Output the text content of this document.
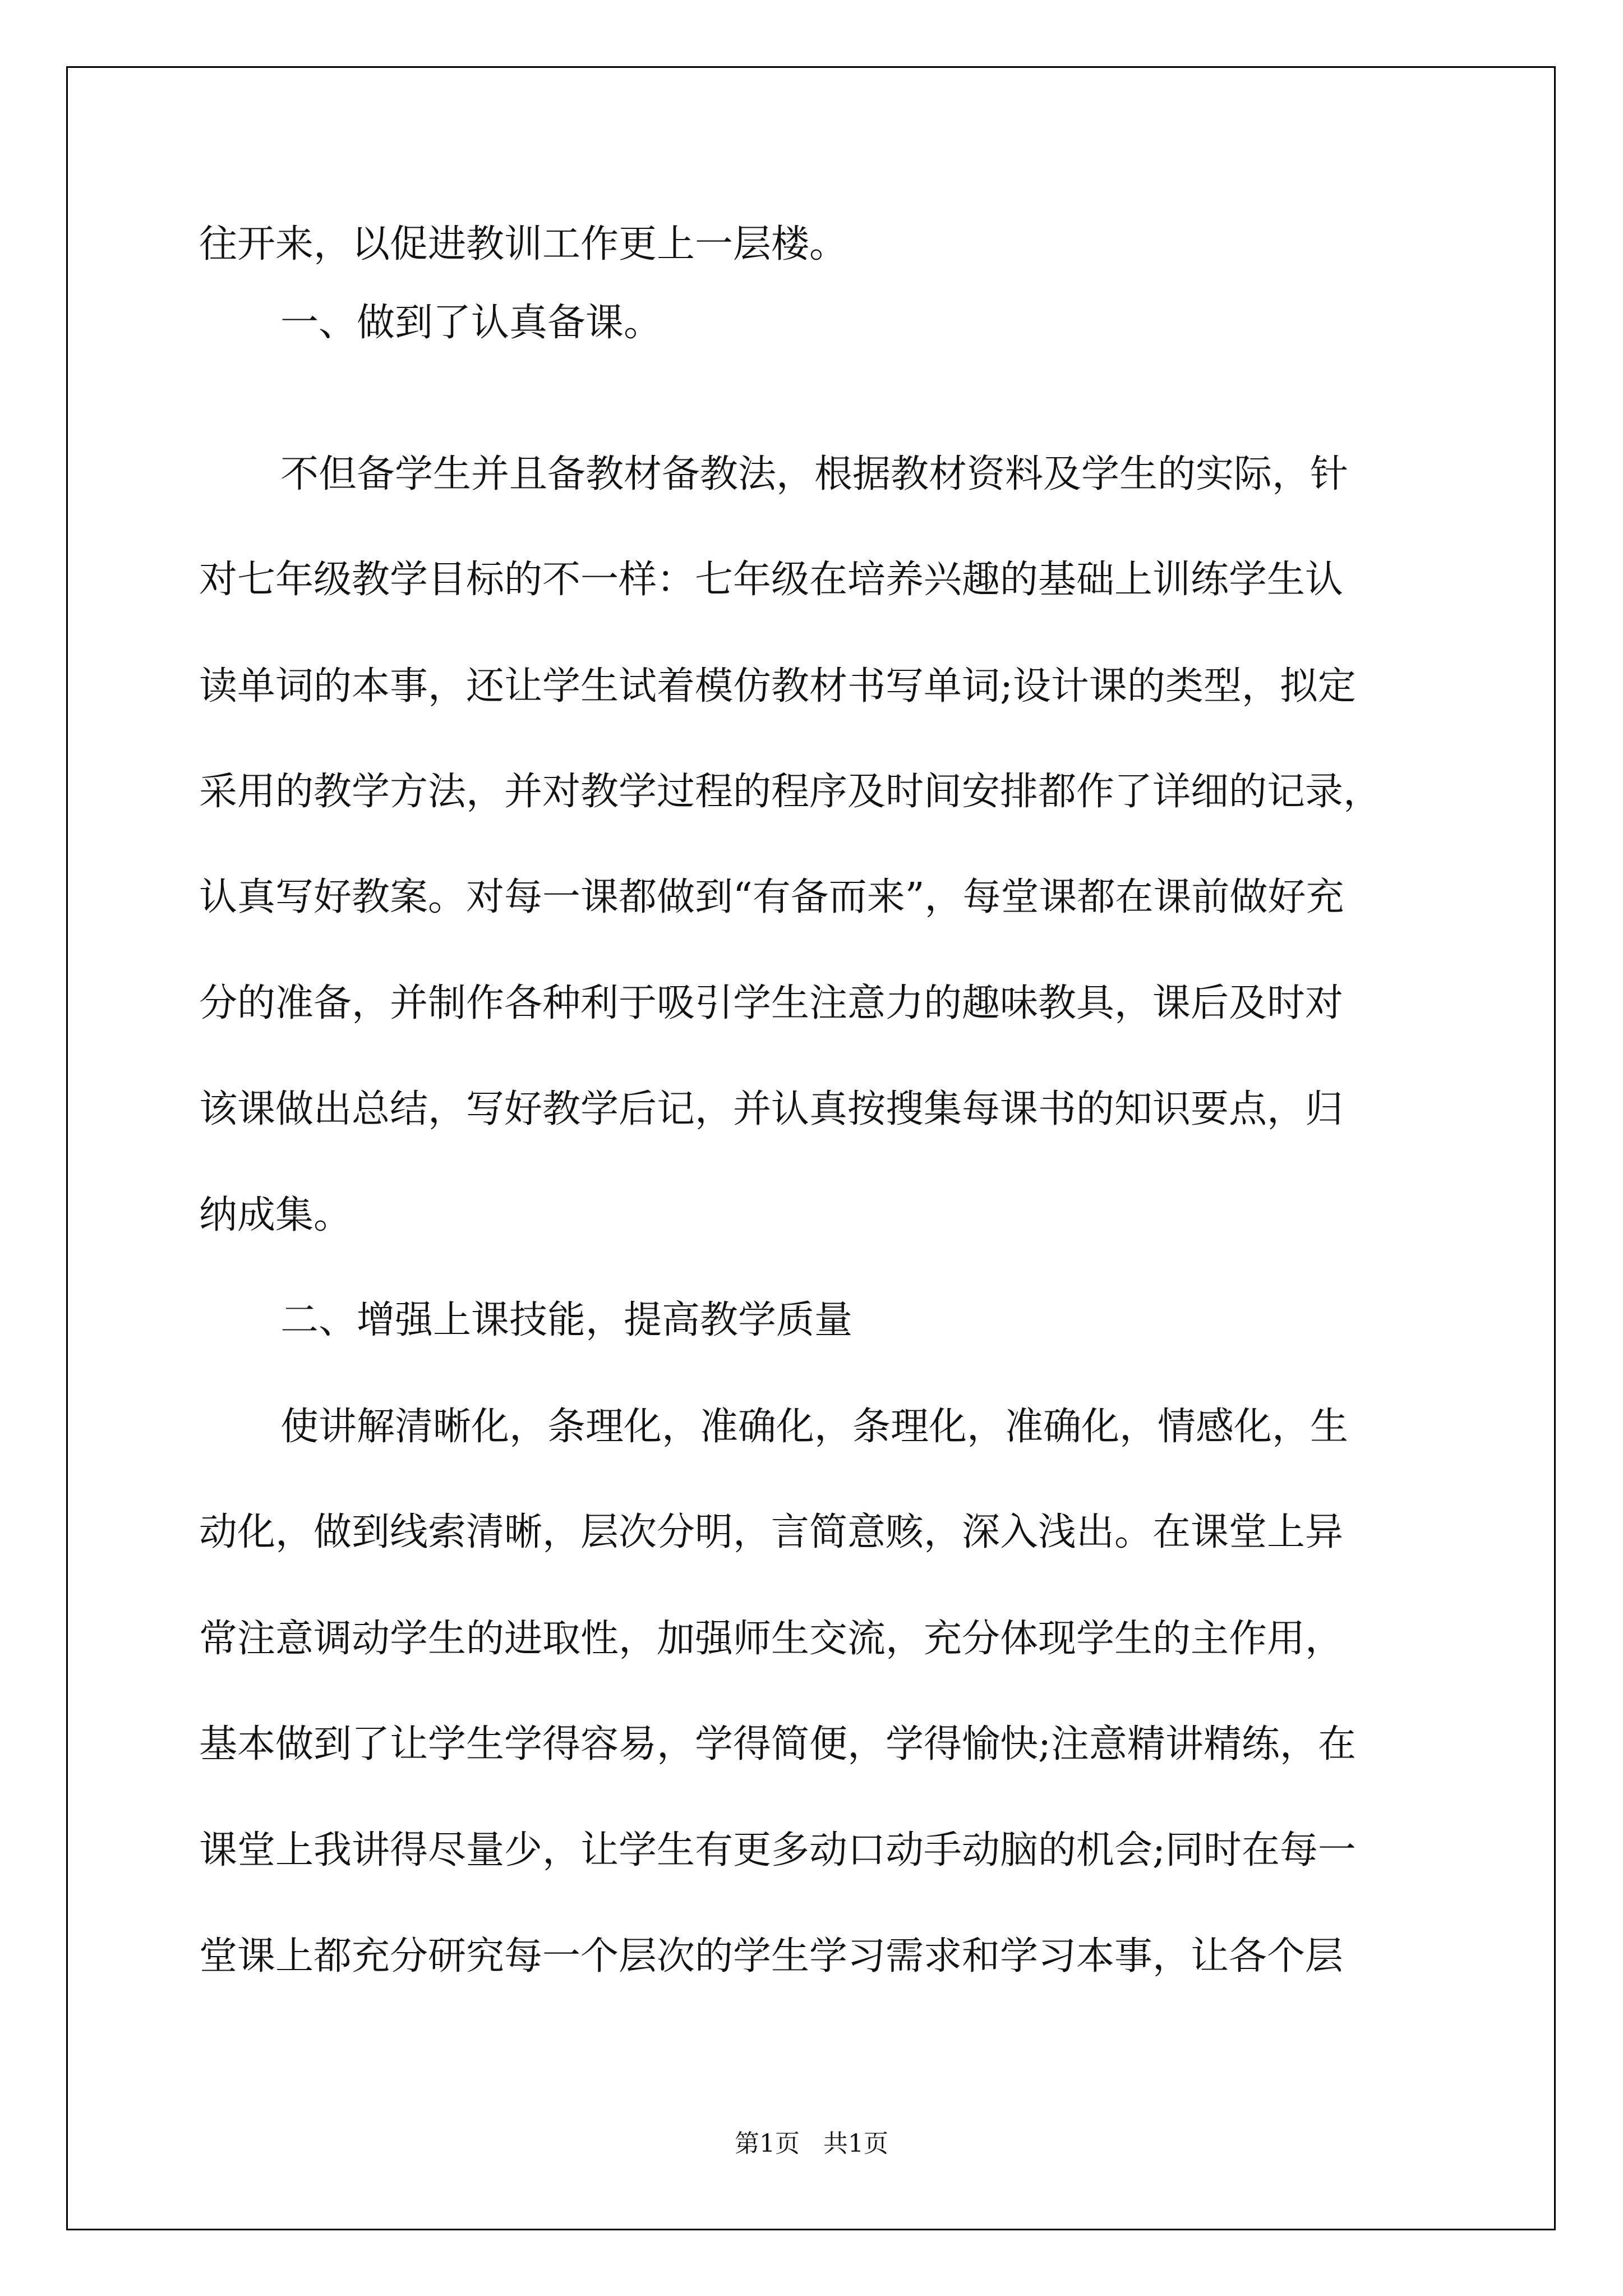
往开来，以促进教训工作更上一层楼。
一、做到了认真备课。
不但备学生并且备教材备教法，根据教材资料及学生的实际，针
对七年级教学目标的不一样：七年级在培养兴趣的基础上训练学生认
读单词的本事，还让学生试着模仿教材书写单词;设计课的类型，拟定
采用的教学方法，并对教学过程的程序及时间安排都作了详细的记录，
认真写好教案。对每一课都做到“有备而来”，每堂课都在课前做好充
分的准备，并制作各种利于吸引学生注意力的趣味教具，课后及时对
该课做出总结，写好教学后记，并认真按搜集每课书的知识要点，归
纳成集。
二、增强上课技能，提高教学质量
使讲解清晰化，条理化，准确化，条理化，准确化，情感化，生
动化，做到线索清晰，层次分明，言简意赅，深入浅出。在课堂上异
常注意调动学生的进取性，加强师生交流，充分体现学生的主作用，
基本做到了让学生学得容易，学得简便，学得愉快;注意精讲精练，在
课堂上我讲得尽量少，让学生有更多动口动手动脑的机会;同时在每一
堂课上都充分研究每一个层次的学生学习需求和学习本事，让各个层
第1页   共1页
